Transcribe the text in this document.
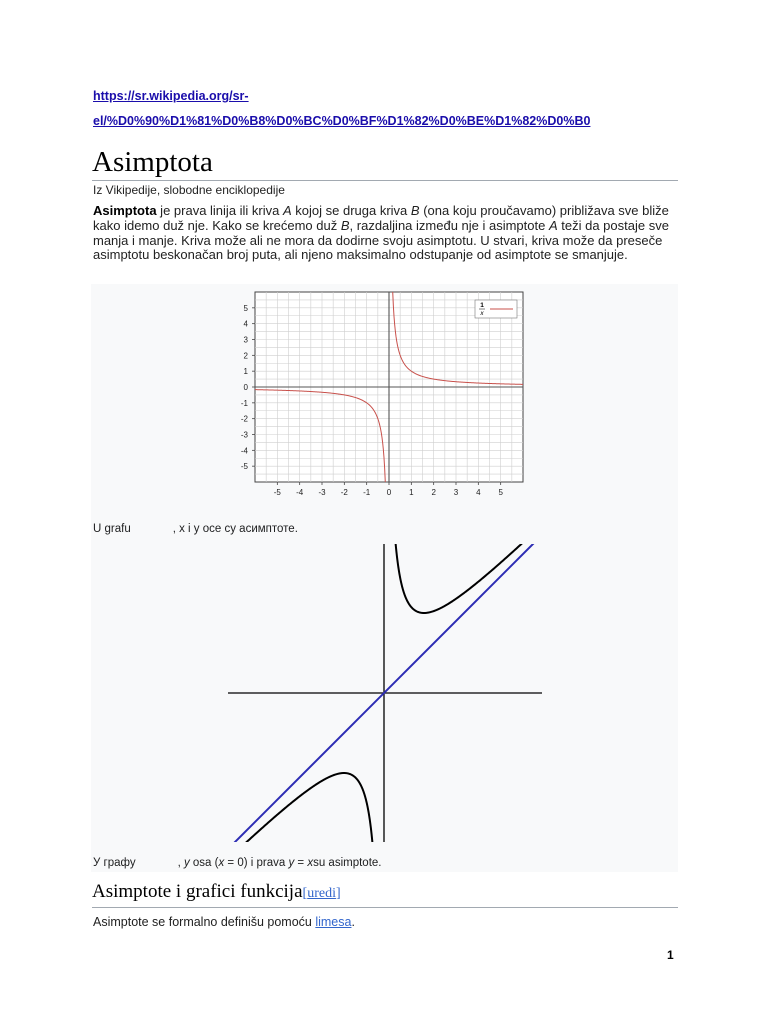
https://sr.wikipedia.org/sr-
el/%D0%90%D1%81%D0%B8%D0%BC%D0%BF%D1%82%D0%BE%D1%82%D0%B0
Asimptota
Iz Vikipedije, slobodne enciklopedije

Asimptota je prava linija ili kriva A kojoj se druga kriva B (ona koju proučavamo) približava sve bliže kako idemo duž nje. Kako se krećemo duž B, razdaljina između nje i asimptote A teži da postaje sve manja i manje. Kriva može ali ne mora da dodirne svoju asimptotu. U stvari, kriva može da preseče asimptotu beskonačan broj puta, ali njeno maksimalno odstupanje od asimptote se smanjuje.

-5 -4 -3 -2 -1 0 1 2 3 4 5
5
4
3
2
1
0
-1
-2
-3
-4
-5
1
x
U grafu	, x i y осе су асимптоте.
У графу	, y osa (x = 0) i prava y = xsu asimptote.
Asimptote i grafici funkcija[uredi]
Asimptote se formalno definišu pomoću limesa.
1
